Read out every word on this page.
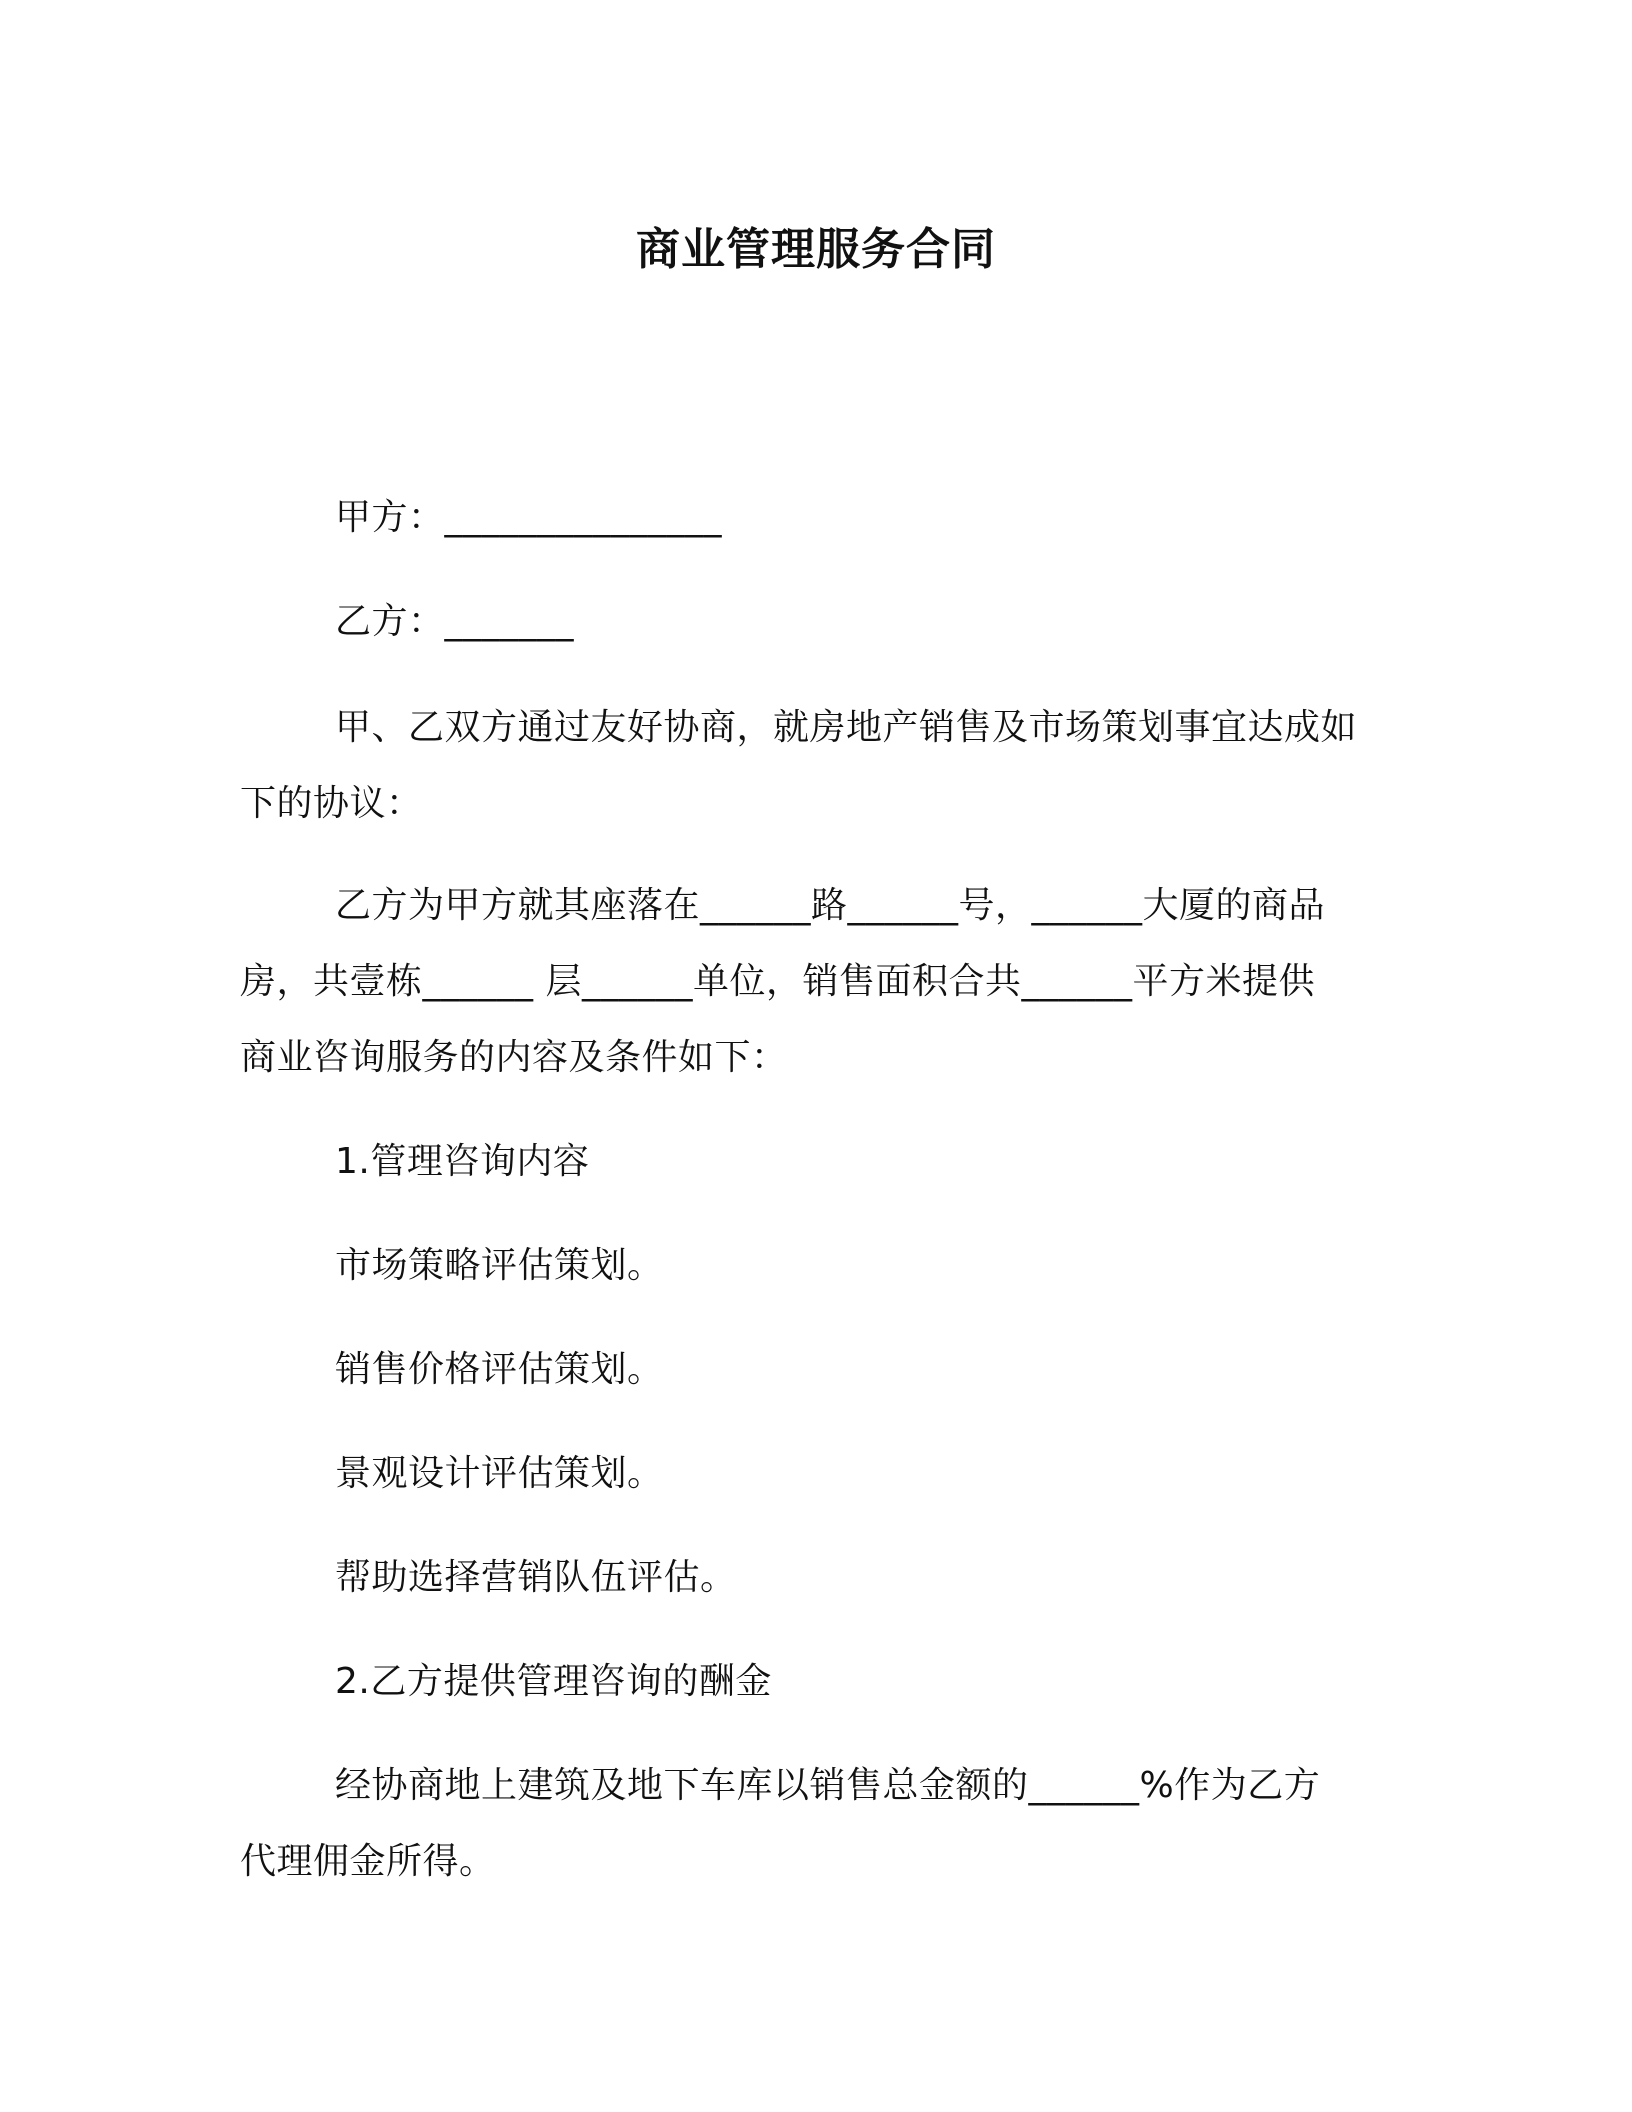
商业管理服务合同
甲方：_______________
乙方：_______
甲、乙双方通过友好协商，就房地产销售及市场策划事宜达成如
下的协议：
乙方为甲方就其座落在______路______号，______大厦的商品
房，共壹栋______ 层______单位，销售面积合共______平方米提供
商业咨询服务的内容及条件如下：
1.管理咨询内容
市场策略评估策划。
销售价格评估策划。
景观设计评估策划。
帮助选择营销队伍评估。
2.乙方提供管理咨询的酬金
经协商地上建筑及地下车库以销售总金额的______%作为乙方
代理佣金所得。
